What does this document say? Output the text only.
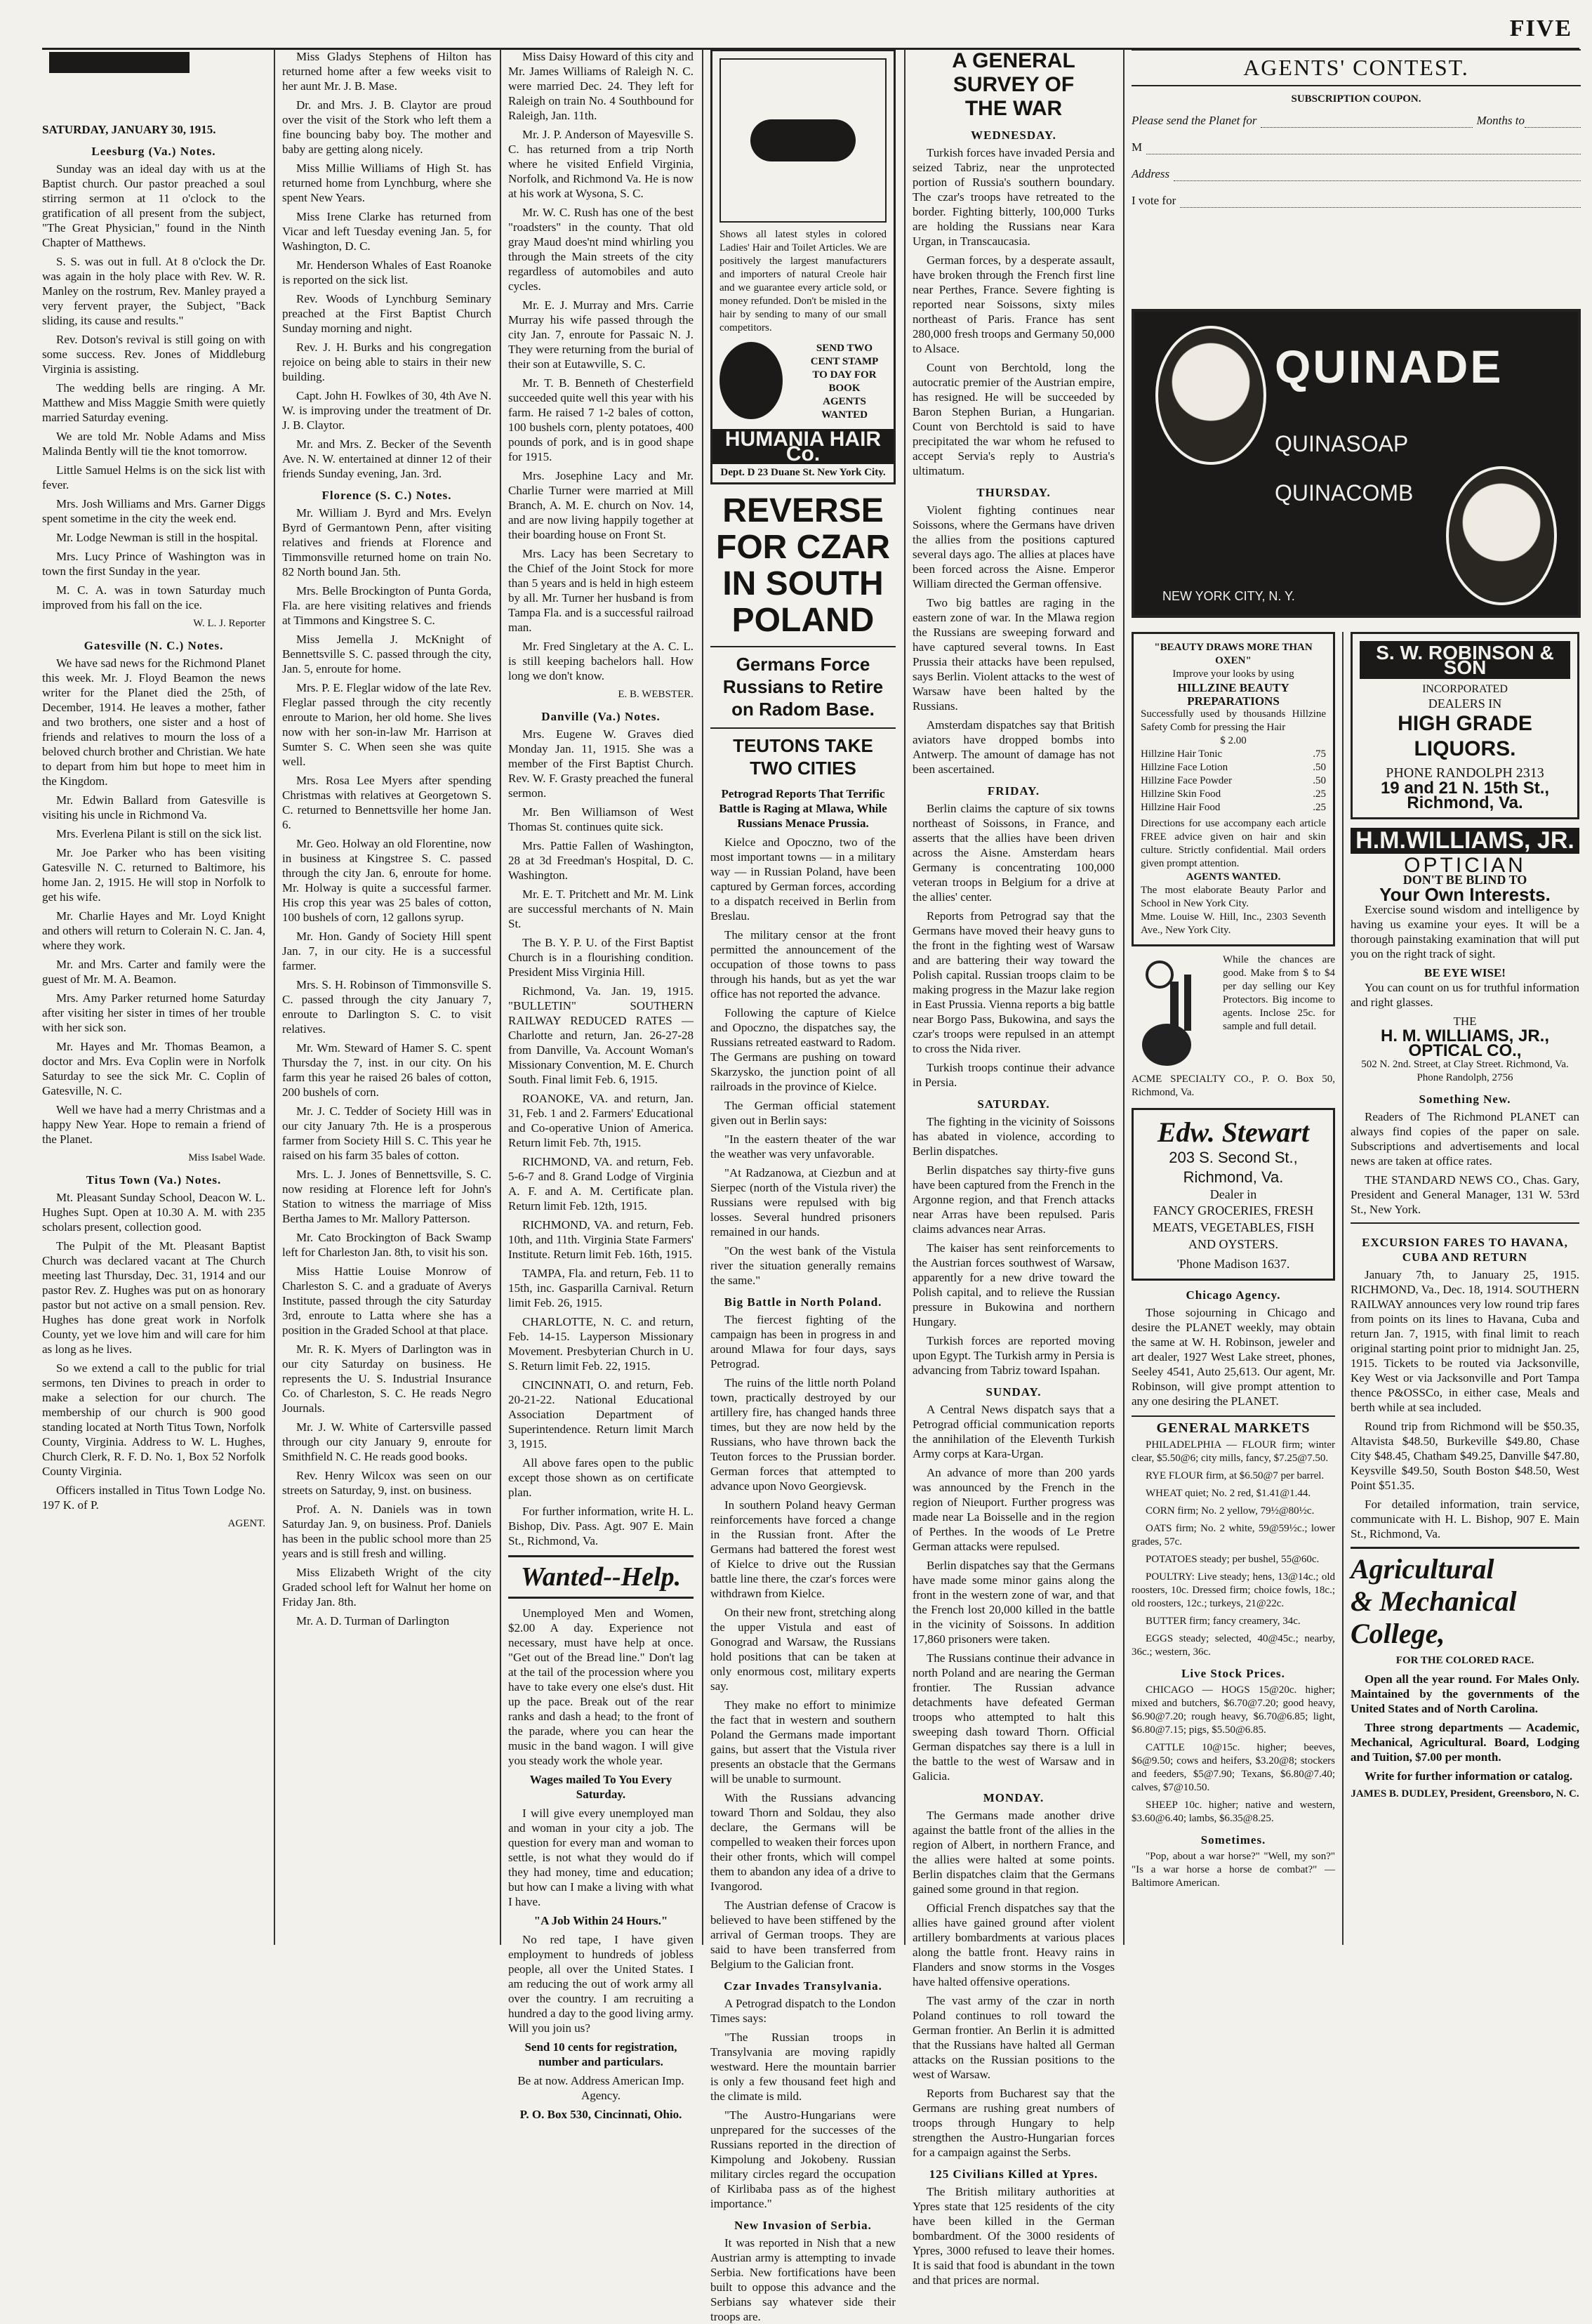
FIVE
SATURDAY, JANUARY 30, 1915.
Leesburg (Va.) Notes.

Sunday was an ideal day with us at the Baptist church. Our pastor preached a soul stirring sermon at 11 o'clock to the gratification of all present from the subject, "The Great Physician," found in the Ninth Chapter of Matthews.

S. S. was out in full. At 8 o'clock the Dr. was again in the holy place with Rev. W. R. Manley on the rostrum, Rev. Manley prayed a very fervent prayer, the Subject, "Back sliding, its cause and results."

Rev. Dotson's revival is still going on with some success. Rev. Jones of Middleburg Virginia is assisting.

The wedding bells are ringing. A Mr. Matthew and Miss Maggie Smith were quietly married Saturday evening.

We are told Mr. Noble Adams and Miss Malinda Bently will tie the knot tomorrow.

Little Samuel Helms is on the sick list with fever.

Mrs. Josh Williams and Mrs. Garner Diggs spent sometime in the city the week end.

Mr. Lodge Newman is still in the hospital.

Mrs. Lucy Prince of Washington was in town the first Sunday in the year.

M. C. A. was in town Saturday much improved from his fall on the ice.

W. L. J. Reporter
Gatesville (N. C.) Notes.

We have sad news for the Richmond Planet this week. Mr. J. Floyd Beamon the news writer for the Planet died the 25th, of December, 1914. He leaves a mother, father and two brothers, one sister and a host of friends and relatives to mourn the loss of a beloved church brother and Christian. We hate to depart from him but hope to meet him in the Kingdom.

Mr. Edwin Ballard from Gatesville is visiting his uncle in Richmond Va.

Mrs. Everlena Pilant is still on the sick list.

Mr. Joe Parker who has been visiting Gatesville N. C. returned to Baltimore, his home Jan. 2, 1915. He will stop in Norfolk to get his wife.

Mr. Charlie Hayes and Mr. Loyd Knight and others will return to Colerain N. C. Jan. 4, where they work.

Mr. and Mrs. Carter and family were the guest of Mr. M. A. Beamon.

Mrs. Amy Parker returned home Saturday after visiting her sister in times of her trouble with her sick son.

Mr. Hayes and Mr. Thomas Beamon, a doctor and Mrs. Eva Coplin were in Norfolk Saturday to see the sick Mr. C. Coplin of Gatesville, N. C.

Well we have had a merry Christmas and a happy New Year. Hope to remain a friend of the Planet.

Miss Isabel Wade.
Titus Town (Va.) Notes.

Mt. Pleasant Sunday School, Deacon W. L. Hughes Supt. Open at 10.30 A. M. with 235 scholars present, collection good.

The Pulpit of the Mt. Pleasant Baptist Church was declared vacant at The Church meeting last Thursday, Dec. 31, 1914 and our pastor Rev. Z. Hughes was put on as honorary pastor but not active on a small pension. Rev. Hughes has done great work in Norfolk County, yet we love him and will care for him as long as he lives.

So we extend a call to the public for trial sermons, ten Divines to preach in order to make a selection for our church. The membership of our church is 900 good standing located at North Titus Town, Norfolk County, Virginia. Address to W. L. Hughes, Church Clerk, R. F. D. No. 1, Box 52 Norfolk County Virginia.

Officers installed in Titus Town Lodge No. 197 K. of P.

AGENT.

Miss Gladys Stephens of Hilton has returned home after a few weeks visit to her aunt Mr. J. B. Mase.

Dr. and Mrs. J. B. Claytor are proud over the visit of the Stork who left them a fine bouncing baby boy. The mother and baby are getting along nicely.

Miss Millie Williams of High St. has returned home from Lynchburg, where she spent New Years.

Miss Irene Clarke has returned from Vicar and left Tuesday evening Jan. 5, for Washington, D. C.

Mr. Henderson Whales of East Roanoke is reported on the sick list.

Rev. Woods of Lynchburg Seminary preached at the First Baptist Church Sunday morning and night.

Rev. J. H. Burks and his congregation rejoice on being able to stairs in their new building.

Capt. John H. Fowlkes of 30, 4th Ave N. W. is improving under the treatment of Dr. J. B. Claytor.

Mr. and Mrs. Z. Becker of the Seventh Ave. N. W. entertained at dinner 12 of their friends Sunday evening, Jan. 3rd.

Florence (S. C.) Notes.

Mr. William J. Byrd and Mrs. Evelyn Byrd of Germantown Penn, after visiting relatives and friends at Florence and Timmonsville returned home on train No. 82 North bound Jan. 5th.

Mrs. Belle Brockington of Punta Gorda, Fla. are here visiting relatives and friends at Timmons and Kingstree S. C.

Miss Jemella J. McKnight of Bennettsville S. C. passed through the city, Jan. 5, enroute for home.

Mrs. P. E. Fleglar widow of the late Rev. Fleglar passed through the city recently enroute to Marion, her old home. She lives now with her son-in-law Mr. Harrison at Sumter S. C. When seen she was quite well.

Mrs. Rosa Lee Myers after spending Christmas with relatives at Georgetown S. C. returned to Bennettsville her home Jan. 6.

Mr. Geo. Holway an old Florentine, now in business at Kingstree S. C. passed through the city Jan. 6, enroute for home. Mr. Holway is quite a successful farmer. His crop this year was 25 bales of cotton, 100 bushels of corn, 12 gallons syrup.

Mr. Hon. Gandy of Society Hill spent Jan. 7, in our city. He is a successful farmer.

Mrs. S. H. Robinson of Timmonsville S. C. passed through the city January 7, enroute to Darlington S. C. to visit relatives.

Mr. Wm. Steward of Hamer S. C. spent Thursday the 7, inst. in our city. On his farm this year he raised 26 bales of cotton, 200 bushels of corn.

Mr. J. C. Tedder of Society Hill was in our city January 7th. He is a prosperous farmer from Society Hill S. C. This year he raised on his farm 35 bales of cotton.

Mrs. L. J. Jones of Bennettsville, S. C. now residing at Florence left for John's Station to witness the marriage of Miss Bertha James to Mr. Mallory Patterson.

Mr. Cato Brockington of Back Swamp left for Charleston Jan. 8th, to visit his son.

Miss Hattie Louise Monrow of Charleston S. C. and a graduate of Averys Institute, passed through the city Saturday 3rd, enroute to Latta where she has a position in the Graded School at that place.

Mr. R. K. Myers of Darlington was in our city Saturday on business. He represents the U. S. Industrial Insurance Co. of Charleston, S. C. He reads Negro Journals.

Mr. J. W. White of Cartersville passed through our city January 9, enroute for Smithfield N. C. He reads good books.

Rev. Henry Wilcox was seen on our streets on Saturday, 9, inst. on business.

Prof. A. N. Daniels was in town Saturday Jan. 9, on business. Prof. Daniels has been in the public school more than 25 years and is still fresh and willing.

Miss Elizabeth Wright of the city Graded school left for Walnut her home on Friday Jan. 8th.

Mr. A. D. Turman of Darlington

Miss Daisy Howard of this city and Mr. James Williams of Raleigh N. C. were married Dec. 24. They left for Raleigh on train No. 4 Southbound for Raleigh, Jan. 11th.

Mr. J. P. Anderson of Mayesville S. C. has returned from a trip North where he visited Enfield Virginia, Norfolk, and Richmond Va. He is now at his work at Wysona, S. C.

Mr. W. C. Rush has one of the best "roadsters" in the county. That old gray Maud does'nt mind whirling you through the Main streets of the city regardless of automobiles and auto cycles.

Mr. E. J. Murray and Mrs. Carrie Murray his wife passed through the city Jan. 7, enroute for Passaic N. J. They were returning from the burial of their son at Eutawville, S. C.

Mr. T. B. Benneth of Chesterfield succeeded quite well this year with his farm. He raised 7 1-2 bales of cotton, 100 bushels corn, plenty potatoes, 400 pounds of pork, and is in good shape for 1915.

Mrs. Josephine Lacy and Mr. Charlie Turner were married at Mill Branch, A. M. E. church on Nov. 14, and are now living happily together at their boarding house on Front St.

Mrs. Lacy has been Secretary to the Chief of the Joint Stock for more than 5 years and is held in high esteem by all. Mr. Turner her husband is from Tampa Fla. and is a successful railroad man.

Mr. Fred Singletary at the A. C. L. is still keeping bachelors hall. How long we don't know.

E. B. WEBSTER.
Danville (Va.) Notes.

Mrs. Eugene W. Graves died Monday Jan. 11, 1915. She was a member of the First Baptist Church. Rev. W. F. Grasty preached the funeral sermon.

Mr. Ben Williamson of West Thomas St. continues quite sick.

Mrs. Pattie Fallen of Washington, 28 at 3d Freedman's Hospital, D. C. Washington.

Mr. E. T. Pritchett and Mr. M. Link are successful merchants of N. Main St.

The B. Y. P. U. of the First Baptist Church is in a flourishing condition. President Miss Virginia Hill.

Richmond, Va. Jan. 19, 1915. "BULLETIN" SOUTHERN RAILWAY REDUCED RATES — Charlotte and return, Jan. 26-27-28 from Danville, Va. Account Woman's Missionary Convention, M. E. Church South. Final limit Feb. 6, 1915.

ROANOKE, VA. and return, Jan. 31, Feb. 1 and 2. Farmers' Educational and Co-operative Union of America. Return limit Feb. 7th, 1915.

RICHMOND, VA. and return, Feb. 5-6-7 and 8. Grand Lodge of Virginia A. F. and A. M. Certificate plan. Return limit Feb. 12th, 1915.

RICHMOND, VA. and return, Feb. 10th, and 11th. Virginia State Farmers' Institute. Return limit Feb. 16th, 1915.

TAMPA, Fla. and return, Feb. 11 to 15th, inc. Gasparilla Carnival. Return limit Feb. 26, 1915.

CHARLOTTE, N. C. and return, Feb. 14-15. Layperson Missionary Movement. Presbyterian Church in U. S. Return limit Feb. 22, 1915.

CINCINNATI, O. and return, Feb. 20-21-22. National Educational Association Department of Superintendence. Return limit March 3, 1915.

All above fares open to the public except those shown as on certificate plan.

For further information, write H. L. Bishop, Div. Pass. Agt. 907 E. Main St., Richmond, Va.

Wanted--Help.

Unemployed Men and Women, $2.00 A day. Experience not necessary, must have help at once. "Get out of the Bread line." Don't lag at the tail of the procession where you have to take every one else's dust. Hit up the pace. Break out of the rear ranks and dash a head; to the front of the parade, where you can hear the music in the band wagon. I will give you steady work the whole year.

Wages mailed To You Every Saturday.

I will give every unemployed man and woman in your city a job. The question for every man and woman to settle, is not what they would do if they had money, time and education; but how can I make a living with what I have.

"A Job Within 24 Hours."

No red tape, I have given employment to hundreds of jobless people, all over the United States. I am reducing the out of work army all over the country. I am recruiting a hundred a day to the good living army. Will you join us?

Send 10 cents for registration, number and particulars.

Be at now. Address American Imp. Agency.

P. O. Box 530, Cincinnati, Ohio.

Shows all latest styles in colored Ladies' Hair and Toilet Articles. We are positively the largest manufacturers and importers of natural Creole hair and we guarantee every article sold, or money refunded. Don't be misled in the hair by sending to many of our small competitors.

SEND TWO CENT STAMP TO DAY FOR BOOK
AGENTS WANTED
HUMANIA HAIR Co.
Dept. D 23 Duane St. New York City.
REVERSE FOR CZAR IN SOUTH POLAND
Germans Force Russians to Retire on Radom Base.
TEUTONS TAKE TWO CITIES

Petrograd Reports That Terrific Battle is Raging at Mlawa, While Russians Menace Prussia.

Kielce and Opoczno, two of the most important towns — in a military way — in Russian Poland, have been captured by German forces, according to a dispatch received in Berlin from Breslau.

The military censor at the front permitted the announcement of the occupation of those towns to pass through his hands, but as yet the war office has not reported the advance.

Following the capture of Kielce and Opoczno, the dispatches say, the Russians retreated eastward to Radom. The Germans are pushing on toward Skarzysko, the junction point of all railroads in the province of Kielce.

The German official statement given out in Berlin says:

"In the eastern theater of the war the weather was very unfavorable.

"At Radzanowa, at Ciezbun and at Sierpec (north of the Vistula river) the Russians were repulsed with big losses. Several hundred prisoners remained in our hands.

"On the west bank of the Vistula river the situation generally remains the same."

Big Battle in North Poland.

The fiercest fighting of the campaign has been in progress in and around Mlawa for four days, says Petrograd.

The ruins of the little north Poland town, practically destroyed by our artillery fire, has changed hands three times, but they are now held by the Russians, who have thrown back the Teuton forces to the Prussian border. German forces that attempted to advance upon Novo Georgievsk.

In southern Poland heavy German reinforcements have forced a change in the Russian front. After the Germans had battered the forest west of Kielce to drive out the Russian battle line there, the czar's forces were withdrawn from Kielce.

On their new front, stretching along the upper Vistula and east of Gonograd and Warsaw, the Russians hold positions that can be taken at only enormous cost, military experts say.

They make no effort to minimize the fact that in western and southern Poland the Germans made important gains, but assert that the Vistula river presents an obstacle that the Germans will be unable to surmount.

With the Russians advancing toward Thorn and Soldau, they also declare, the Germans will be compelled to weaken their forces upon their other fronts, which will compel them to abandon any idea of a drive to Ivangorod.

The Austrian defense of Cracow is believed to have been stiffened by the arrival of German troops. They are said to have been transferred from Belgium to the Galician front.

Czar Invades Transylvania.

A Petrograd dispatch to the London Times says:

"The Russian troops in Transylvania are moving rapidly westward. Here the mountain barrier is only a few thousand feet high and the climate is mild.

"The Austro-Hungarians were unprepared for the successes of the Russians reported in the direction of Kimpolung and Jokobeny. Russian military circles regard the occupation of Kirlibaba pass as of the highest importance."

New Invasion of Serbia.

It was reported in Nish that a new Austrian army is attempting to invade Serbia. New fortifications have been built to oppose this advance and the Serbians say whatever side their troops are.

A GENERAL SURVEY OF
THE WAR
WEDNESDAY.

Turkish forces have invaded Persia and seized Tabriz, near the unprotected portion of Russia's southern boundary. The czar's troops have retreated to the border. Fighting bitterly, 100,000 Turks are holding the Russians near Kara Urgan, in Transcaucasia.

German forces, by a desperate assault, have broken through the French first line near Perthes, France. Severe fighting is reported near Soissons, sixty miles northeast of Paris. France has sent 280,000 fresh troops and Germany 50,000 to Alsace.

Count von Berchtold, long the autocratic premier of the Austrian empire, has resigned. He will be succeeded by Baron Stephen Burian, a Hungarian. Count von Berchtold is said to have precipitated the war whom he refused to accept Servia's reply to Austria's ultimatum.

THURSDAY.

Violent fighting continues near Soissons, where the Germans have driven the allies from the positions captured several days ago. The allies at places have been forced across the Aisne. Emperor William directed the German offensive.

Two big battles are raging in the eastern zone of war. In the Mlawa region the Russians are sweeping forward and have captured several towns. In East Prussia their attacks have been repulsed, says Berlin. Violent attacks to the west of Warsaw have been halted by the Russians.

Amsterdam dispatches say that British aviators have dropped bombs into Antwerp. The amount of damage has not been ascertained.

FRIDAY.

Berlin claims the capture of six towns northeast of Soissons, in France, and asserts that the allies have been driven across the Aisne. Amsterdam hears Germany is concentrating 100,000 veteran troops in Belgium for a drive at the allies' center.

Reports from Petrograd say that the Germans have moved their heavy guns to the front in the fighting west of Warsaw and are battering their way toward the Polish capital. Russian troops claim to be making progress in the Mazur lake region in East Prussia. Vienna reports a big battle near Borgo Pass, Bukowina, and says the czar's troops were repulsed in an attempt to cross the Nida river.

Turkish troops continue their advance in Persia.

SATURDAY.

The fighting in the vicinity of Soissons has abated in violence, according to Berlin dispatches.

Berlin dispatches say thirty-five guns have been captured from the French in the Argonne region, and that French attacks near Arras have been repulsed. Paris claims advances near Arras.

The kaiser has sent reinforcements to the Austrian forces southwest of Warsaw, apparently for a new drive toward the Polish capital, and to relieve the Russian pressure in Bukowina and northern Hungary.

Turkish forces are reported moving upon Egypt. The Turkish army in Persia is advancing from Tabriz toward Ispahan.

SUNDAY.

A Central News dispatch says that a Petrograd official communication reports the annihilation of the Eleventh Turkish Army corps at Kara-Urgan.

An advance of more than 200 yards was announced by the French in the region of Nieuport. Further progress was made near La Boisselle and in the region of Perthes. In the woods of Le Pretre German attacks were repulsed.

Berlin dispatches say that the Germans have made some minor gains along the front in the western zone of war, and that the French lost 20,000 killed in the battle in the vicinity of Soissons. In addition 17,860 prisoners were taken.

The Russians continue their advance in north Poland and are nearing the German frontier. The Russian advance detachments have defeated German troops who attempted to halt this sweeping dash toward Thorn. Official German dispatches say there is a lull in the battle to the west of Warsaw and in Galicia.

MONDAY.

The Germans made another drive against the battle front of the allies in the region of Albert, in northern France, and the allies were halted at some points. Berlin dispatches claim that the Germans gained some ground in that region.

Official French dispatches say that the allies have gained ground after violent artillery bombardments at various places along the battle front. Heavy rains in Flanders and snow storms in the Vosges have halted offensive operations.

The vast army of the czar in north Poland continues to roll toward the German frontier. An Berlin it is admitted that the Russians have halted all German attacks on the Russian positions to the west of Warsaw.

Reports from Bucharest say that the Germans are rushing great numbers of troops through Hungary to help strengthen the Austro-Hungarian forces for a campaign against the Serbs.

125 Civilians Killed at Ypres.

The British military authorities at Ypres state that 125 residents of the city have been killed in the German bombardment. Of the 3000 residents of Ypres, 3000 refused to leave their homes. It is said that food is abundant in the town and that prices are normal.

AGENTS' CONTEST.
SUBSCRIPTION COUPON.
Please send the Planet for	Months to
M
Address
I vote for
QUINADE
QUINASOAP
QUINACOMB
NEW YORK CITY, N. Y.
"BEAUTY DRAWS MORE THAN OXEN"
Improve your looks by using
HILLZINE BEAUTY PREPARATIONS
Successfully used by thousands Hillzine Safety Comb for pressing the Hair
$ 2.00
Hillzine Hair Tonic	.75
Hillzine Face Lotion	.50
Hillzine Face Powder	.50
Hillzine Skin Food	.25
Hillzine Hair Food	.25
Directions for use accompany each article FREE advice given on hair and skin culture. Strictly confidential. Mail orders given prompt attention.
AGENTS WANTED.
The most elaborate Beauty Parlor and School in New York City.
Mme. Louise W. Hill, Inc., 2303 Seventh Ave., New York City.
While the chances are good. Make from $ to $4 per day selling our Key Protectors. Big income to agents. Inclose 25c. for sample and full detail.
ACME SPECIALTY CO., P. O. Box 50, Richmond, Va.
Edw. Stewart
203 S. Second St., Richmond, Va.
Dealer in
FANCY GROCERIES, FRESH MEATS, VEGETABLES, FISH AND OYSTERS.
'Phone Madison 1637.
Chicago Agency.

Those sojourning in Chicago and desire the PLANET weekly, may obtain the same at W. H. Robinson, jeweler and art dealer, 1927 West Lake street, phones, Seeley 4541, Auto 25,613. Our agent, Mr. Robinson, will give prompt attention to any one desiring the PLANET.

GENERAL MARKETS

PHILADELPHIA — FLOUR firm; winter clear, $5.50@6; city mills, fancy, $7.25@7.50.

RYE FLOUR firm, at $6.50@7 per barrel.

WHEAT quiet; No. 2 red, $1.41@1.44.

CORN firm; No. 2 yellow, 79½@80½c.

OATS firm; No. 2 white, 59@59½c.; lower grades, 57c.

POTATOES steady; per bushel, 55@60c.

POULTRY: Live steady; hens, 13@14c.; old roosters, 10c. Dressed firm; choice fowls, 18c.; old roosters, 12c.; turkeys, 21@22c.

BUTTER firm; fancy creamery, 34c.

EGGS steady; selected, 40@45c.; nearby, 36c.; western, 36c.

Live Stock Prices.

CHICAGO — HOGS 15@20c. higher; mixed and butchers, $6.70@7.20; good heavy, $6.90@7.20; rough heavy, $6.70@6.85; light, $6.80@7.15; pigs, $5.50@6.85.

CATTLE 10@15c. higher; beeves, $6@9.50; cows and heifers, $3.20@8; stockers and feeders, $5@7.90; Texans, $6.80@7.40; calves, $7@10.50.

SHEEP 10c. higher; native and western, $3.60@6.40; lambs, $6.35@8.25.

Sometimes.

"Pop, about a war horse?" "Well, my son?" "Is a war horse a horse de combat?" — Baltimore American.

S. W. ROBINSON & SON
INCORPORATED
DEALERS IN
HIGH GRADE LIQUORS.
PHONE RANDOLPH 2313
19 and 21 N. 15th St., Richmond, Va.
H.M.WILLIAMS, JR.
OPTICIAN
DON'T BE BLIND TO
Your Own Interests.

Exercise sound wisdom and intelligence by having us examine your eyes. It will be a thorough painstaking examination that will put you on the right track of sight.

BE EYE WISE!

You can count on us for truthful information and right glasses.

THE
H. M. WILLIAMS, JR., OPTICAL CO.,
502 N. 2nd. Street, at Clay Street. Richmond, Va. Phone Randolph, 2756
Something New.

Readers of The Richmond PLANET can always find copies of the paper on sale. Subscriptions and advertisements and local news are taken at office rates.

THE STANDARD NEWS CO., Chas. Gary, President and General Manager, 131 W. 53rd St., New York.

EXCURSION FARES TO HAVANA, CUBA AND RETURN

January 7th, to January 25, 1915. RICHMOND, Va., Dec. 18, 1914. SOUTHERN RAILWAY announces very low round trip fares from points on its lines to Havana, Cuba and return Jan. 7, 1915, with final limit to reach original starting point prior to midnight Jan. 25, 1915. Tickets to be routed via Jacksonville, Key West or via Jacksonville and Port Tampa thence P&OSSCo, in either case, Meals and berth while at sea included.

Round trip from Richmond will be $50.35, Altavista $48.50, Burkeville $49.80, Chase City $48.45, Chatham $49.25, Danville $47.80, Keysville $49.50, South Boston $48.50, West Point $51.35.

For detailed information, train service, communicate with H. L. Bishop, 907 E. Main St., Richmond, Va.

Agricultural
& Mechanical
College,
FOR THE COLORED RACE.

Open all the year round. For Males Only. Maintained by the governments of the United States and of North Carolina.

Three strong departments — Academic, Mechanical, Agricultural. Board, Lodging and Tuition, $7.00 per month.

Write for further information or catalog.

JAMES B. DUDLEY, President, Greensboro, N. C.
